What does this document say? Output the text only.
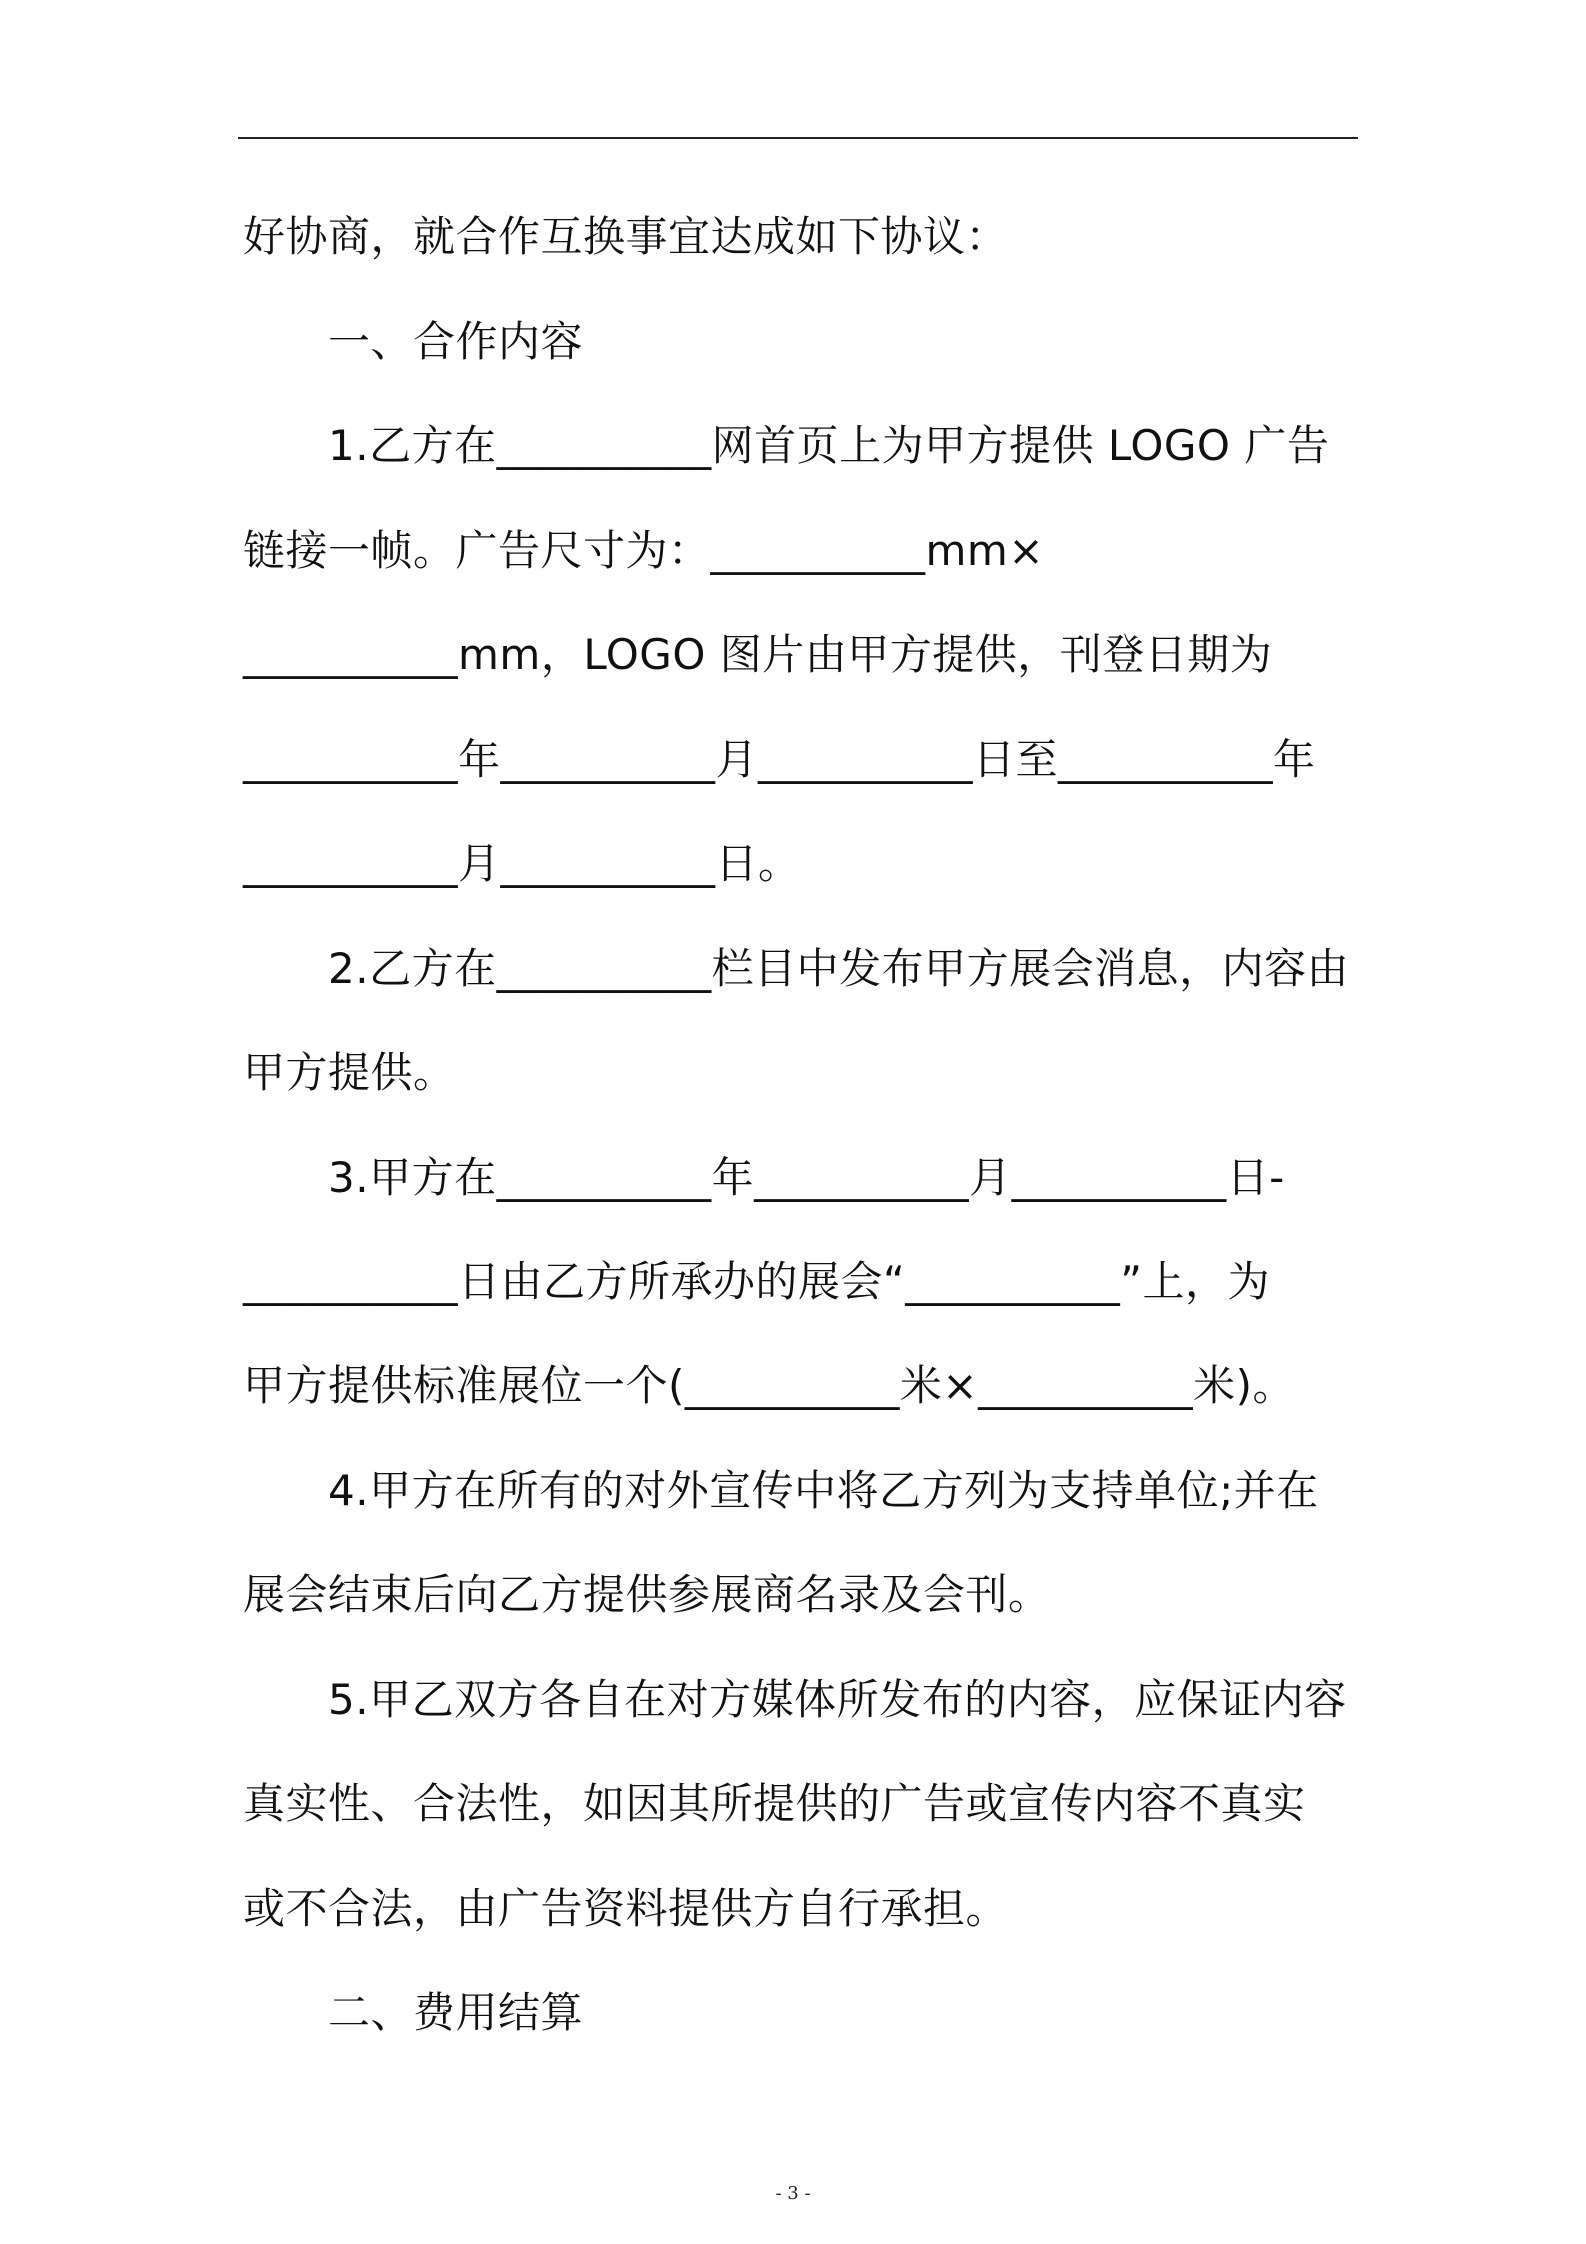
好协商，就合作互换事宜达成如下协议：
一、合作内容
1.乙方在__________网首页上为甲方提供 LOGO 广告
链接一帧。广告尺寸为：__________mm×
__________mm，LOGO 图片由甲方提供，刊登日期为
__________年__________月__________日至__________年
__________月__________日。
2.乙方在__________栏目中发布甲方展会消息，内容由
甲方提供。
3.甲方在__________年__________月__________日-
__________日由乙方所承办的展会“__________”上，为
甲方提供标准展位一个(__________米×__________米)。
4.甲方在所有的对外宣传中将乙方列为支持单位;并在
展会结束后向乙方提供参展商名录及会刊。
5.甲乙双方各自在对方媒体所发布的内容，应保证内容
真实性、合法性，如因其所提供的广告或宣传内容不真实
或不合法，由广告资料提供方自行承担。
二、费用结算
- 3 -
